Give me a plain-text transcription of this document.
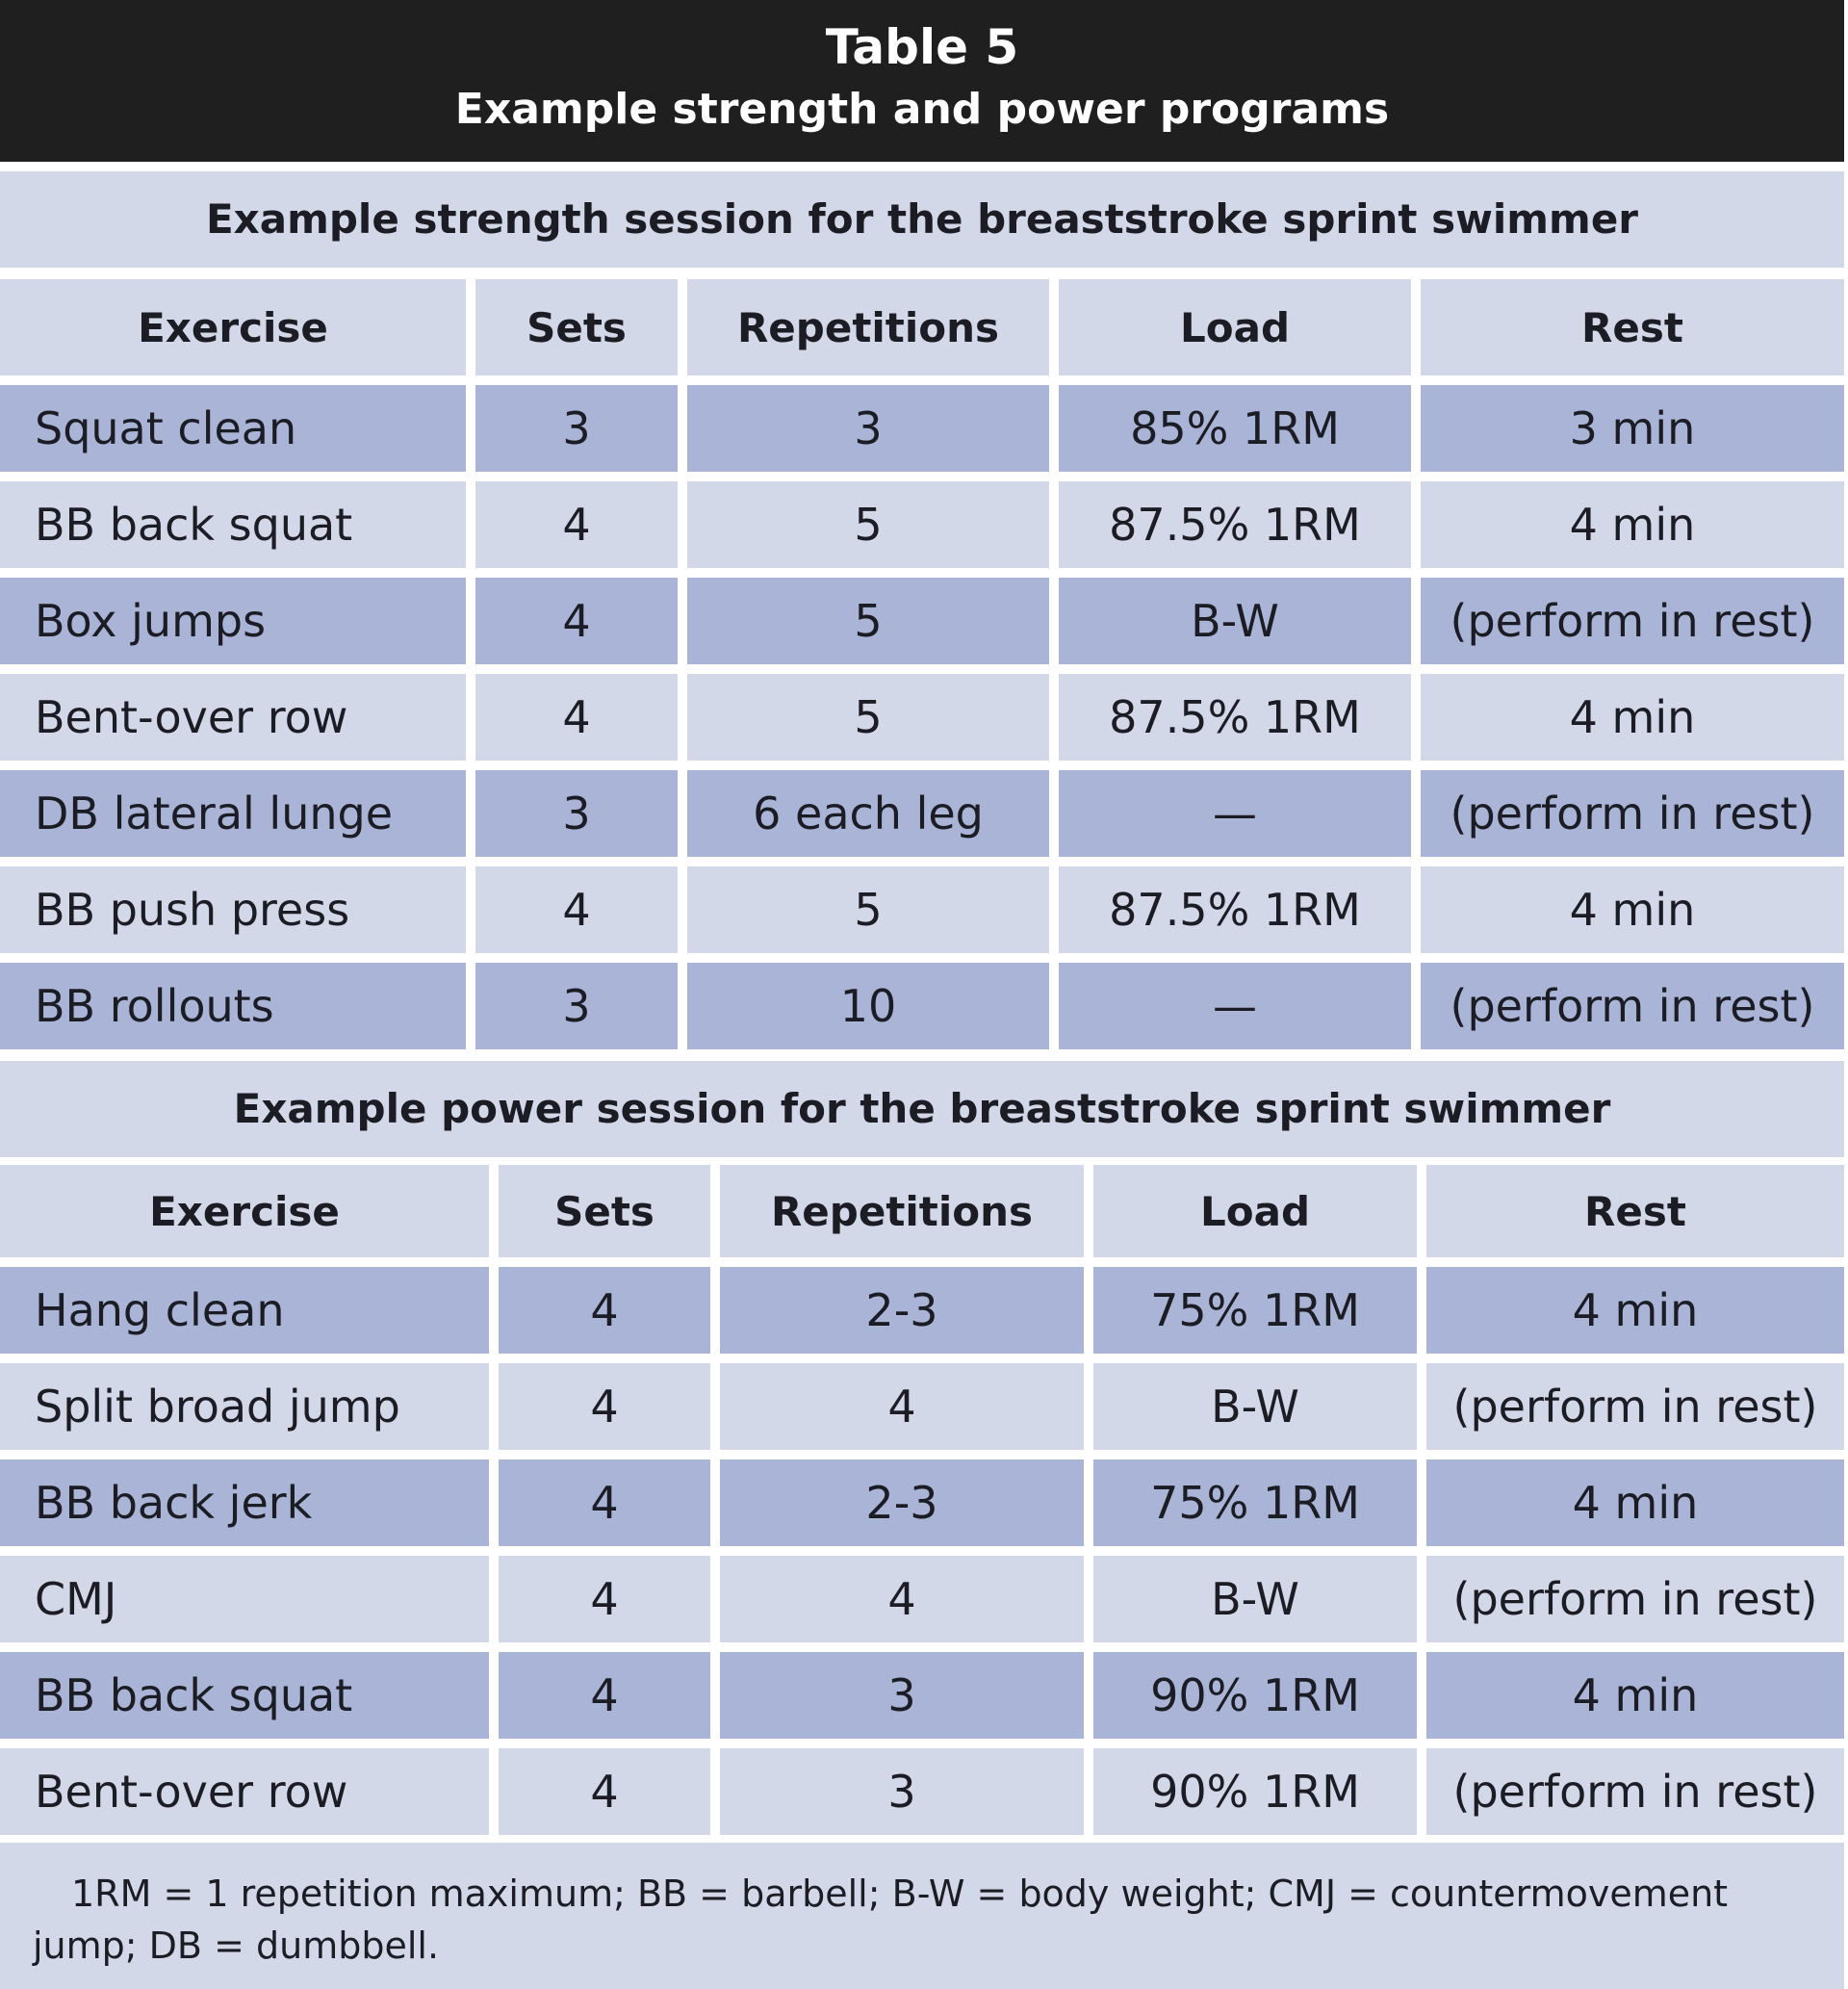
Table 5
Example strength and power programs
Example strength session for the breaststroke sprint swimmer
Exercise	Sets	Repetitions	Load	Rest
Squat clean	3	3	85% 1RM	3 min
BB back squat	4	5	87.5% 1RM	4 min
Box jumps	4	5	B-W	(perform in rest)
Bent-over row	4	5	87.5% 1RM	4 min
DB lateral lunge	3	6 each leg	—	(perform in rest)
BB push press	4	5	87.5% 1RM	4 min
BB rollouts	3	10	—	(perform in rest)
Example power session for the breaststroke sprint swimmer
Exercise	Sets	Repetitions	Load	Rest
Hang clean	4	2-3	75% 1RM	4 min
Split broad jump	4	4	B-W	(perform in rest)
BB back jerk	4	2-3	75% 1RM	4 min
CMJ	4	4	B-W	(perform in rest)
BB back squat	4	3	90% 1RM	4 min
Bent-over row	4	3	90% 1RM	(perform in rest)
1RM = 1 repetition maximum; BB = barbell; B-W = body weight; CMJ = countermovement jump; DB = dumbbell.
